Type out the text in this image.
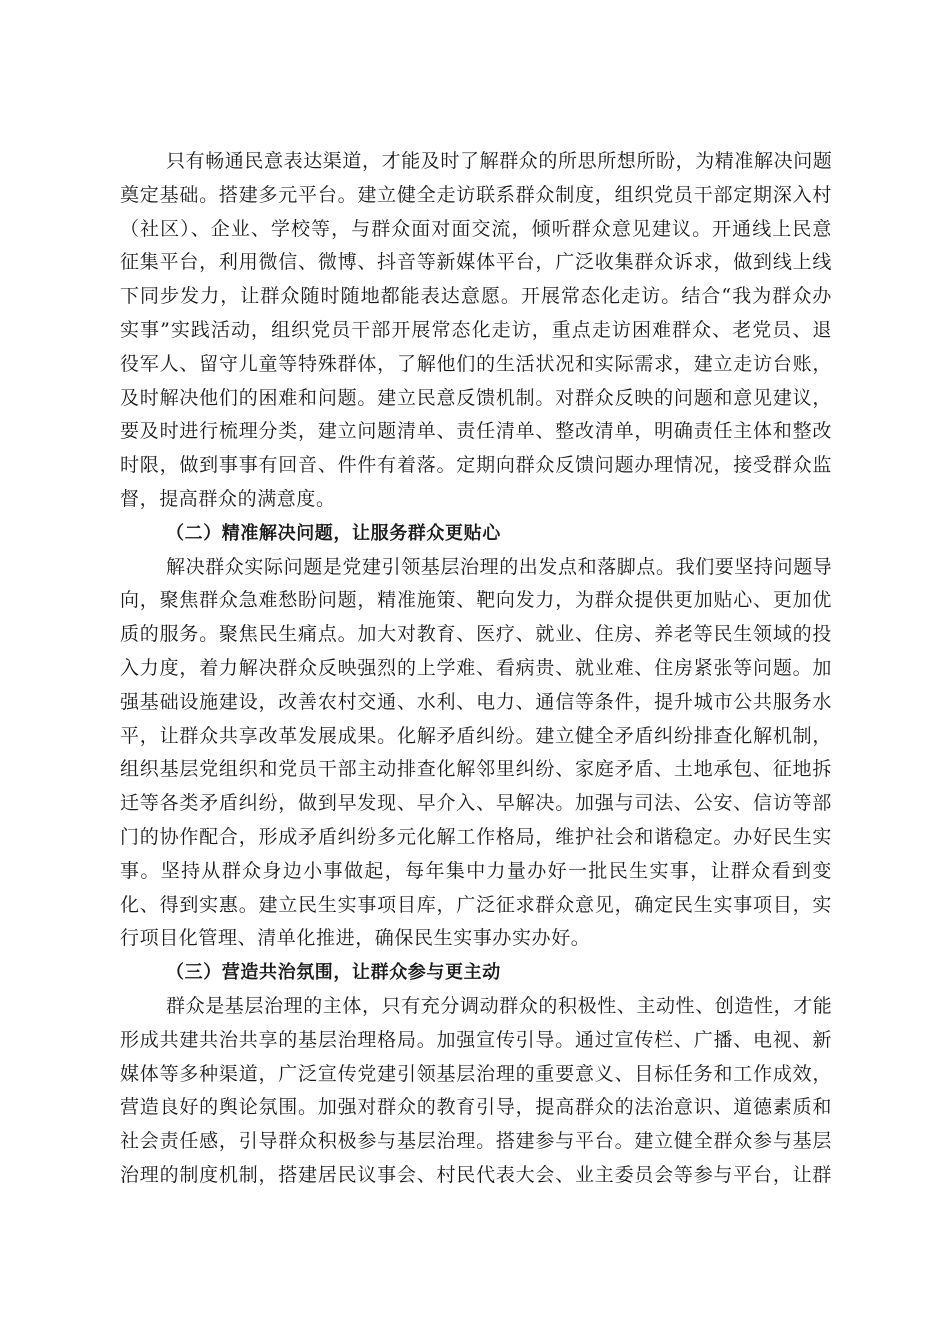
只有畅通民意表达渠道，才能及时了解群众的所思所想所盼，为精准解决问题
奠定基础。搭建多元平台。建立健全走访联系群众制度，组织党员干部定期深入村
（社区）、企业、学校等，与群众面对面交流，倾听群众意见建议。开通线上民意
征集平台，利用微信、微博、抖音等新媒体平台，广泛收集群众诉求，做到线上线
下同步发力，让群众随时随地都能表达意愿。开展常态化走访。结合“我为群众办
实事”实践活动，组织党员干部开展常态化走访，重点走访困难群众、老党员、退
役军人、留守儿童等特殊群体，了解他们的生活状况和实际需求，建立走访台账，
及时解决他们的困难和问题。建立民意反馈机制。对群众反映的问题和意见建议，
要及时进行梳理分类，建立问题清单、责任清单、整改清单，明确责任主体和整改
时限，做到事事有回音、件件有着落。定期向群众反馈问题办理情况，接受群众监
督，提高群众的满意度。
（二）精准解决问题，让服务群众更贴心
解决群众实际问题是党建引领基层治理的出发点和落脚点。我们要坚持问题导
向，聚焦群众急难愁盼问题，精准施策、靶向发力，为群众提供更加贴心、更加优
质的服务。聚焦民生痛点。加大对教育、医疗、就业、住房、养老等民生领域的投
入力度，着力解决群众反映强烈的上学难、看病贵、就业难、住房紧张等问题。加
强基础设施建设，改善农村交通、水利、电力、通信等条件，提升城市公共服务水
平，让群众共享改革发展成果。化解矛盾纠纷。建立健全矛盾纠纷排查化解机制，
组织基层党组织和党员干部主动排查化解邻里纠纷、家庭矛盾、土地承包、征地拆
迁等各类矛盾纠纷，做到早发现、早介入、早解决。加强与司法、公安、信访等部
门的协作配合，形成矛盾纠纷多元化解工作格局，维护社会和谐稳定。办好民生实
事。坚持从群众身边小事做起，每年集中力量办好一批民生实事，让群众看到变
化、得到实惠。建立民生实事项目库，广泛征求群众意见，确定民生实事项目，实
行项目化管理、清单化推进，确保民生实事办实办好。
（三）营造共治氛围，让群众参与更主动
群众是基层治理的主体，只有充分调动群众的积极性、主动性、创造性，才能
形成共建共治共享的基层治理格局。加强宣传引导。通过宣传栏、广播、电视、新
媒体等多种渠道，广泛宣传党建引领基层治理的重要意义、目标任务和工作成效，
营造良好的舆论氛围。加强对群众的教育引导，提高群众的法治意识、道德素质和
社会责任感，引导群众积极参与基层治理。搭建参与平台。建立健全群众参与基层
治理的制度机制，搭建居民议事会、村民代表大会、业主委员会等参与平台，让群
